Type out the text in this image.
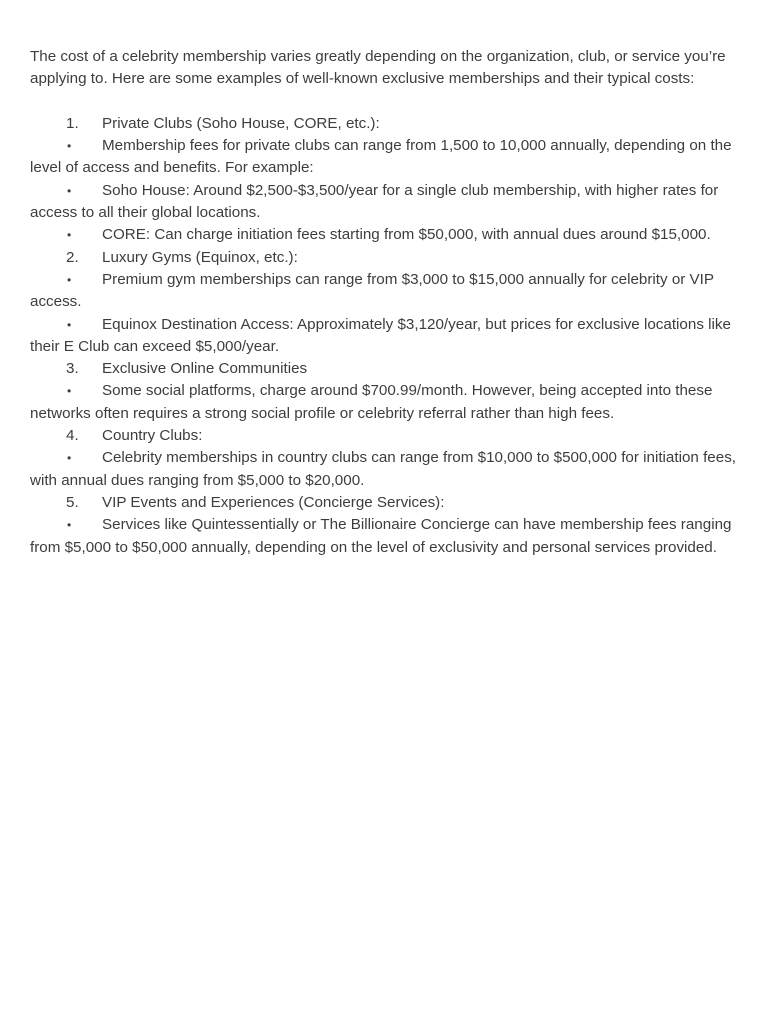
The cost of a celebrity membership varies greatly depending on the organization, club, or service you’re applying to. Here are some examples of well-known exclusive memberships and their typical costs:

1. Private Clubs (Soho House, CORE, etc.):

• Membership fees for private clubs can range from 1,500 to 10,000 annually, depending on the level of access and benefits. For example:

• Soho House: Around $2,500-$3,500/year for a single club membership, with higher rates for access to all their global locations.

• CORE: Can charge initiation fees starting from $50,000, with annual dues around $15,000.

2. Luxury Gyms (Equinox, etc.):

• Premium gym memberships can range from $3,000 to $15,000 annually for celebrity or VIP access.

• Equinox Destination Access: Approximately $3,120/year, but prices for exclusive locations like their E Club can exceed $5,000/year.

3. Exclusive Online Communities

• Some social platforms, charge around $700.99/month. However, being accepted into these networks often requires a strong social profile or celebrity referral rather than high fees.

4. Country Clubs:

• Celebrity memberships in country clubs can range from $10,000 to $500,000 for initiation fees, with annual dues ranging from $5,000 to $20,000.

5. VIP Events and Experiences (Concierge Services):

• Services like Quintessentially or The Billionaire Concierge can have membership fees ranging from $5,000 to $50,000 annually, depending on the level of exclusivity and personal services provided.
